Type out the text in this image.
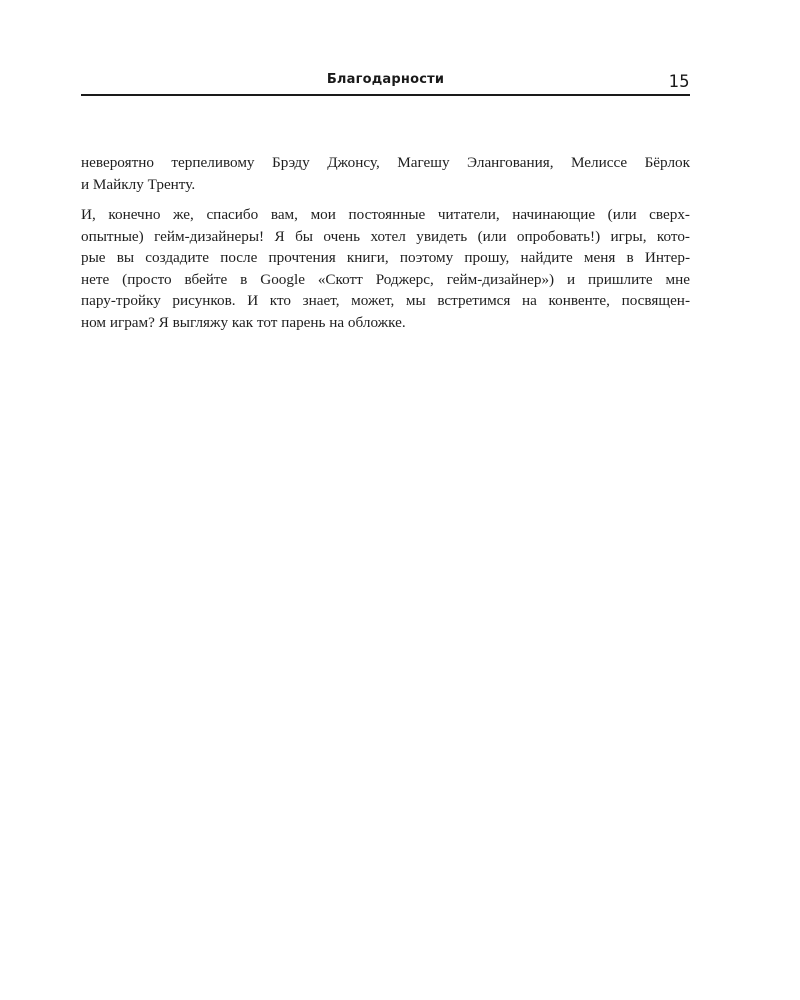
Благодарности	15

невероятно терпеливому Брэду Джонсу, Магешу Элангования, Мелиссе Бёрлок
и Майклу Тренту.

И, конечно же, спасибо вам, мои постоянные читатели, начинающие (или сверх-
опытные) гейм-дизайнеры! Я бы очень хотел увидеть (или опробовать!) игры, кото-
рые вы создадите после прочтения книги, поэтому прошу, найдите меня в Интер-
нете (просто вбейте в Google «Скотт Роджерс, гейм-дизайнер») и пришлите мне
пару-тройку рисунков. И кто знает, может, мы встретимся на конвенте, посвящен-
ном играм? Я выгляжу как тот парень на обложке.
